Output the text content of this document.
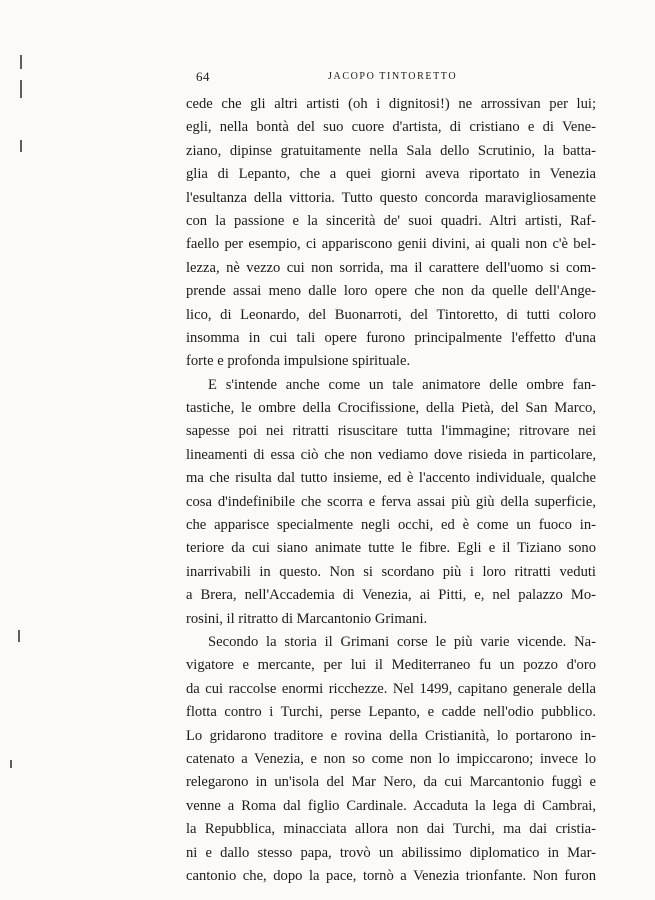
64	JACOPO TINTORETTO
cede che gli altri artisti (oh i dignitosi!) ne arrossivan per lui;
egli, nella bontà del suo cuore d'artista, di cristiano e di Vene-
ziano, dipinse gratuitamente nella Sala dello Scrutinio, la batta-
glia di Lepanto, che a quei giorni aveva riportato in Venezia
l'esultanza della vittoria. Tutto questo concorda maravigliosamente
con la passione e la sincerità de' suoi quadri. Altri artisti, Raf-
faello per esempio, ci appariscono genii divini, ai quali non c'è bel-
lezza, nè vezzo cui non sorrida, ma il carattere dell'uomo si com-
prende assai meno dalle loro opere che non da quelle dell'Ange-
lico, di Leonardo, del Buonarroti, del Tintoretto, di tutti coloro
insomma in cui tali opere furono principalmente l'effetto d'una
forte e profonda impulsione spirituale.
E s'intende anche come un tale animatore delle ombre fan-
tastiche, le ombre della Crocifissione, della Pietà, del San Marco,
sapesse poi nei ritratti risuscitare tutta l'immagine; ritrovare nei
lineamenti di essa ciò che non vediamo dove risieda in particolare,
ma che risulta dal tutto insieme, ed è l'accento individuale, qualche
cosa d'indefinibile che scorra e ferva assai più giù della superficie,
che apparisce specialmente negli occhi, ed è come un fuoco in-
teriore da cui siano animate tutte le fibre. Egli e il Tiziano sono
inarrivabili in questo. Non si scordano più i loro ritratti veduti
a Brera, nell'Accademia di Venezia, ai Pitti, e, nel palazzo Mo-
rosini, il ritratto di Marcantonio Grimani.
Secondo la storia il Grimani corse le più varie vicende. Na-
vigatore e mercante, per lui il Mediterraneo fu un pozzo d'oro
da cui raccolse enormi ricchezze. Nel 1499, capitano generale della
flotta contro i Turchi, perse Lepanto, e cadde nell'odio pubblico.
Lo gridarono traditore e rovina della Cristianità, lo portarono in-
catenato a Venezia, e non so come non lo impiccarono; invece lo
relegarono in un'isola del Mar Nero, da cui Marcantonio fuggì e
venne a Roma dal figlio Cardinale. Accaduta la lega di Cambrai,
la Repubblica, minacciata allora non dai Turchi, ma dai cristia-
ni e dallo stesso papa, trovò un abilissimo diplomatico in Mar-
cantonio che, dopo la pace, tornò a Venezia trionfante. Non furon
